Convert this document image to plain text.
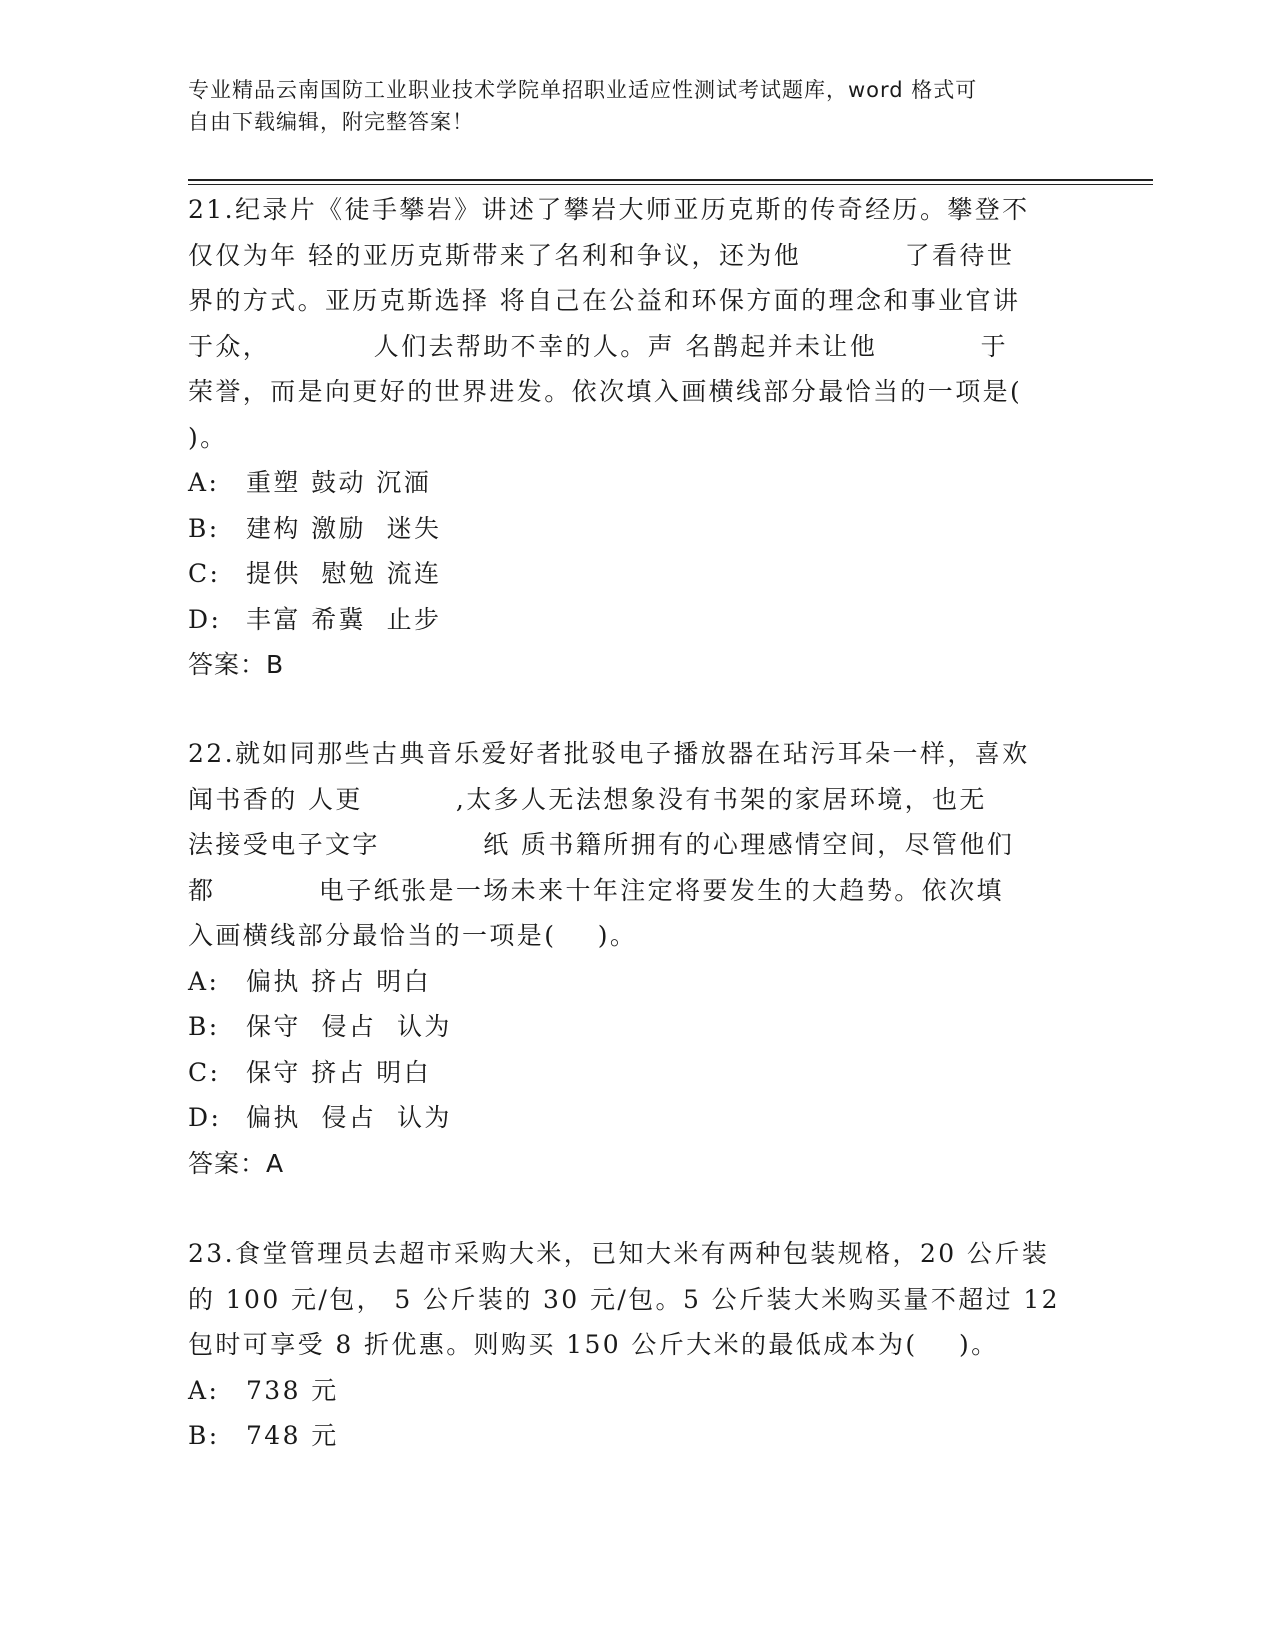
专业精品云南国防工业职业技术学院单招职业适应性测试考试题库，word 格式可
自由下载编辑，附完整答案！
21.纪录片《徒手攀岩》讲述了攀岩大师亚历克斯的传奇经历。攀登不
仅仅为年 轻的亚历克斯带来了名利和争议，还为他          了看待世
界的方式。亚历克斯选择 将自己在公益和环保方面的理念和事业官讲
于众，          人们去帮助不幸的人。声 名鹊起并未让他          于
荣誉，而是向更好的世界进发。依次填入画横线部分最恰当的一项是(
)。
A: 重塑 鼓动 沉湎
B: 建构 激励  迷失
C: 提供  慰勉 流连
D: 丰富 希冀  止步
答案：B
22.就如同那些古典音乐爱好者批驳电子播放器在玷污耳朵一样，喜欢
闻书香的 人更         ,太多人无法想象没有书架的家居环境，也无
法接受电子文字          纸 质书籍所拥有的心理感情空间，尽管他们
都          电子纸张是一场未来十年注定将要发生的大趋势。依次填
入画横线部分最恰当的一项是(    )。
A: 偏执 挤占 明白
B: 保守  侵占  认为
C: 保守 挤占 明白
D: 偏执  侵占  认为
答案：A
23.食堂管理员去超市采购大米，已知大米有两种包装规格，20 公斤装
的 100 元/包， 5 公斤装的 30 元/包。5 公斤装大米购买量不超过 12
包时可享受 8 折优惠。则购买 150 公斤大米的最低成本为(    )。
A: 738 元
B: 748 元
